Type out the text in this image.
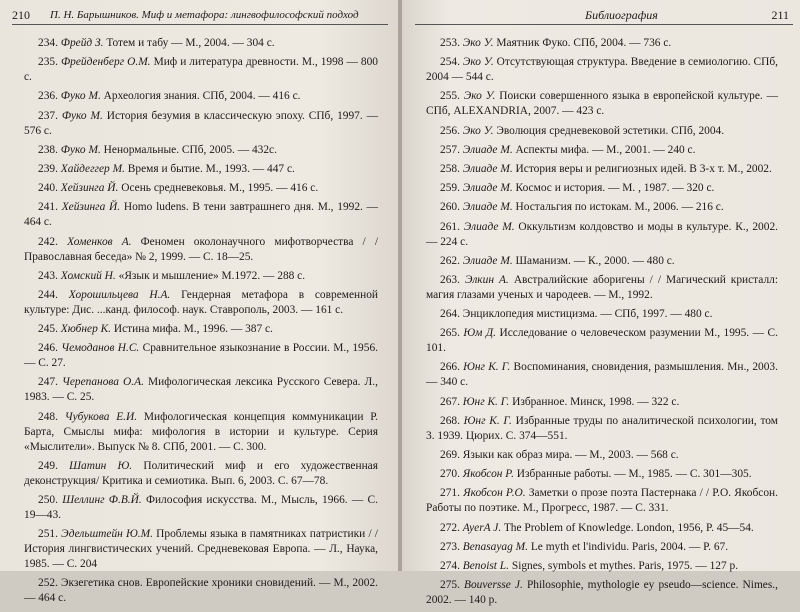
210 П. Н. Барышников. Миф и метафора: лингвофилософский подход

234. Фрейд З. Тотем и табу — М., 2004. — 304 с.

235. Фрейденберг О.М. Миф и литература древности. М., 1998 — 800 с.

236. Фуко М. Археология знания. СПб, 2004. — 416 с.

237. Фуко М. История безумия в классическую эпоху. СПб, 1997. — 576 с.

238. Фуко М. Ненормальные. СПб, 2005. — 432с.

239. Хайдеггер М. Время и бытие. М., 1993. — 447 с.

240. Хейзинга Й. Осень средневековья. М., 1995. — 416 с.

241. Хейзинга Й. Homo ludens. В тени завтрашнего дня. М., 1992. — 464 с.

242. Хоменков А. Феномен околонаучного мифотворчества / /Православная беседа» № 2, 1999. — С. 18—25.

243. Хомский Н. «Язык и мышление» М.1972. — 288 с.

244. Хорошильцева Н.А. Гендерная метафора в современной культуре: Дис. ...канд. философ. наук. Ставрополь, 2003. — 161 с.

245. Хюбнер К. Истина мифа. М., 1996. — 387 с.

246. Чемоданов Н.С. Сравнительное языкознание в России. М., 1956. — С. 27.

247. Черепанова О.А. Мифологическая лексика Русского Севера. Л., 1983. — С. 25.

248. Чубукова Е.И. Мифологическая концепция коммуникации Р. Барта, Смыслы мифа: мифология в истории и культуре. Серия «Мыслители». Выпуск № 8. СПб, 2001. — С. 300.

249. Шатин Ю. Политический миф и его художественная деконструкция/ Критика и семиотика. Вып. 6, 2003. С. 67—78.

250. Шеллинг Ф.В.Й. Философия искусства. М., Мысль, 1966. — С. 19—43.

251. Эдельштейн Ю.М. Проблемы языка в памятниках патристики / / История лингвистических учений. Средневековая Европа. — Л., Наука, 1985. — С. 204

252. Экзегетика снов. Европейские хроники сновидений. — М., 2002. — 464 с.

Библиография	211

253. Эко У. Маятник Фуко. СПб, 2004. — 736 с.

254. Эко У. Отсутствующая структура. Введение в семиологию. СПб, 2004 — 544 с.

255. Эко У. Поиски совершенного языка в европейской культуре. — СПб, ALEXANDRIA, 2007. — 423 с.

256. Эко У. Эволюция средневековой эстетики. СПб, 2004.

257. Элиаде М. Аспекты мифа. — М., 2001. — 240 с.

258. Элиаде М. История веры и религиозных идей. В 3-х т. М., 2002.

259. Элиаде М. Космос и история. — М. , 1987. — 320 с.

260. Элиаде М. Ностальгия по истокам. М., 2006. — 216 с.

261. Элиаде М. Оккультизм колдовство и моды в культуре. К., 2002. — 224 с.

262. Элиаде М. Шаманизм. — К., 2000. — 480 с.

263. Элкин А. Австралийские аборигены / / Магический кристалл: магия глазами ученых и чародеев. — М., 1992.

264. Энциклопедия мистицизма. — СПб, 1997. — 480 с.

265. Юм Д. Исследование о человеческом разумении М., 1995. — С. 101.

266. Юнг К. Г. Воспоминания, сновидения, размышления. Мн., 2003. — 340 с.

267. Юнг К. Г. Избранное. Минск, 1998. — 322 с.

268. Юнг К. Г. Избранные труды по аналитической психологии, том 3. 1939. Цюрих. С. 374—551.

269. Языки как образ мира. — М., 2003. — 568 с.

270. Якобсон Р. Избранные работы. — М., 1985. — С. 301—305.

271. Якобсон Р.О. Заметки о прозе поэта Пастернака / / Р.О. Якобсон. Работы по поэтике. М., Прогресс, 1987. — С. 331.

272. AyerA J. The Problem of Knowledge. London, 1956, P. 45—54.

273. Benasayag M. Le myth et l'individu. Paris, 2004. — P. 67.

274. Benoist L. Signes, symbols et mythes. Paris, 1975. — 127 p.

275. Bouversse J. Philosophie, mythologie eу pseudo—science. Nimes., 2002. — 140 p.
